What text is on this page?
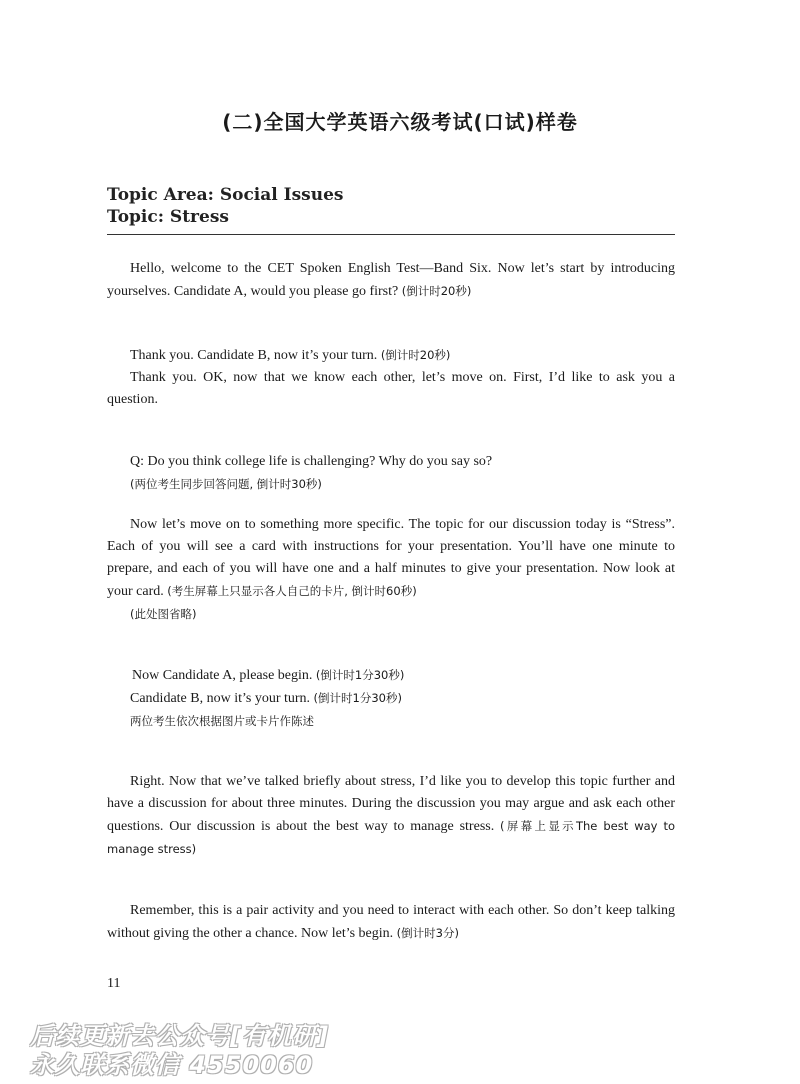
(二)全国大学英语六级考试(口试)样卷
Topic Area: Social Issues
Topic: Stress
Hello, welcome to the CET Spoken English Test—Band Six. Now let’s start by introducing yourselves. Candidate A, would you please go first? (倒计时20秒)
Thank you. Candidate B, now it’s your turn. (倒计时20秒)
Thank you. OK, now that we know each other, let’s move on. First, I’d like to ask you a question.
Q: Do you think college life is challenging? Why do you say so?
(两位考生同步回答问题, 倒计时30秒)
Now let’s move on to something more specific. The topic for our discussion today is “Stress”. Each of you will see a card with instructions for your presentation. You’ll have one minute to prepare, and each of you will have one and a half minutes to give your presentation. Now look at your card. (考生屏幕上只显示各人自己的卡片, 倒计时60秒)
(此处图省略)
Now Candidate A, please begin. (倒计时1分30秒)
Candidate B, now it’s your turn. (倒计时1分30秒)
两位考生依次根据图片或卡片作陈述
Right. Now that we’ve talked briefly about stress, I’d like you to develop this topic further and have a discussion for about three minutes. During the discussion you may argue and ask each other questions. Our discussion is about the best way to manage stress. (屏幕上显示The best way to manage stress)
Remember, this is a pair activity and you need to interact with each other. So don’t keep talking without giving the other a chance. Now let’s begin. (倒计时3分)
11
后续更新去公众号[有机研]
永久联系微信 4550060
